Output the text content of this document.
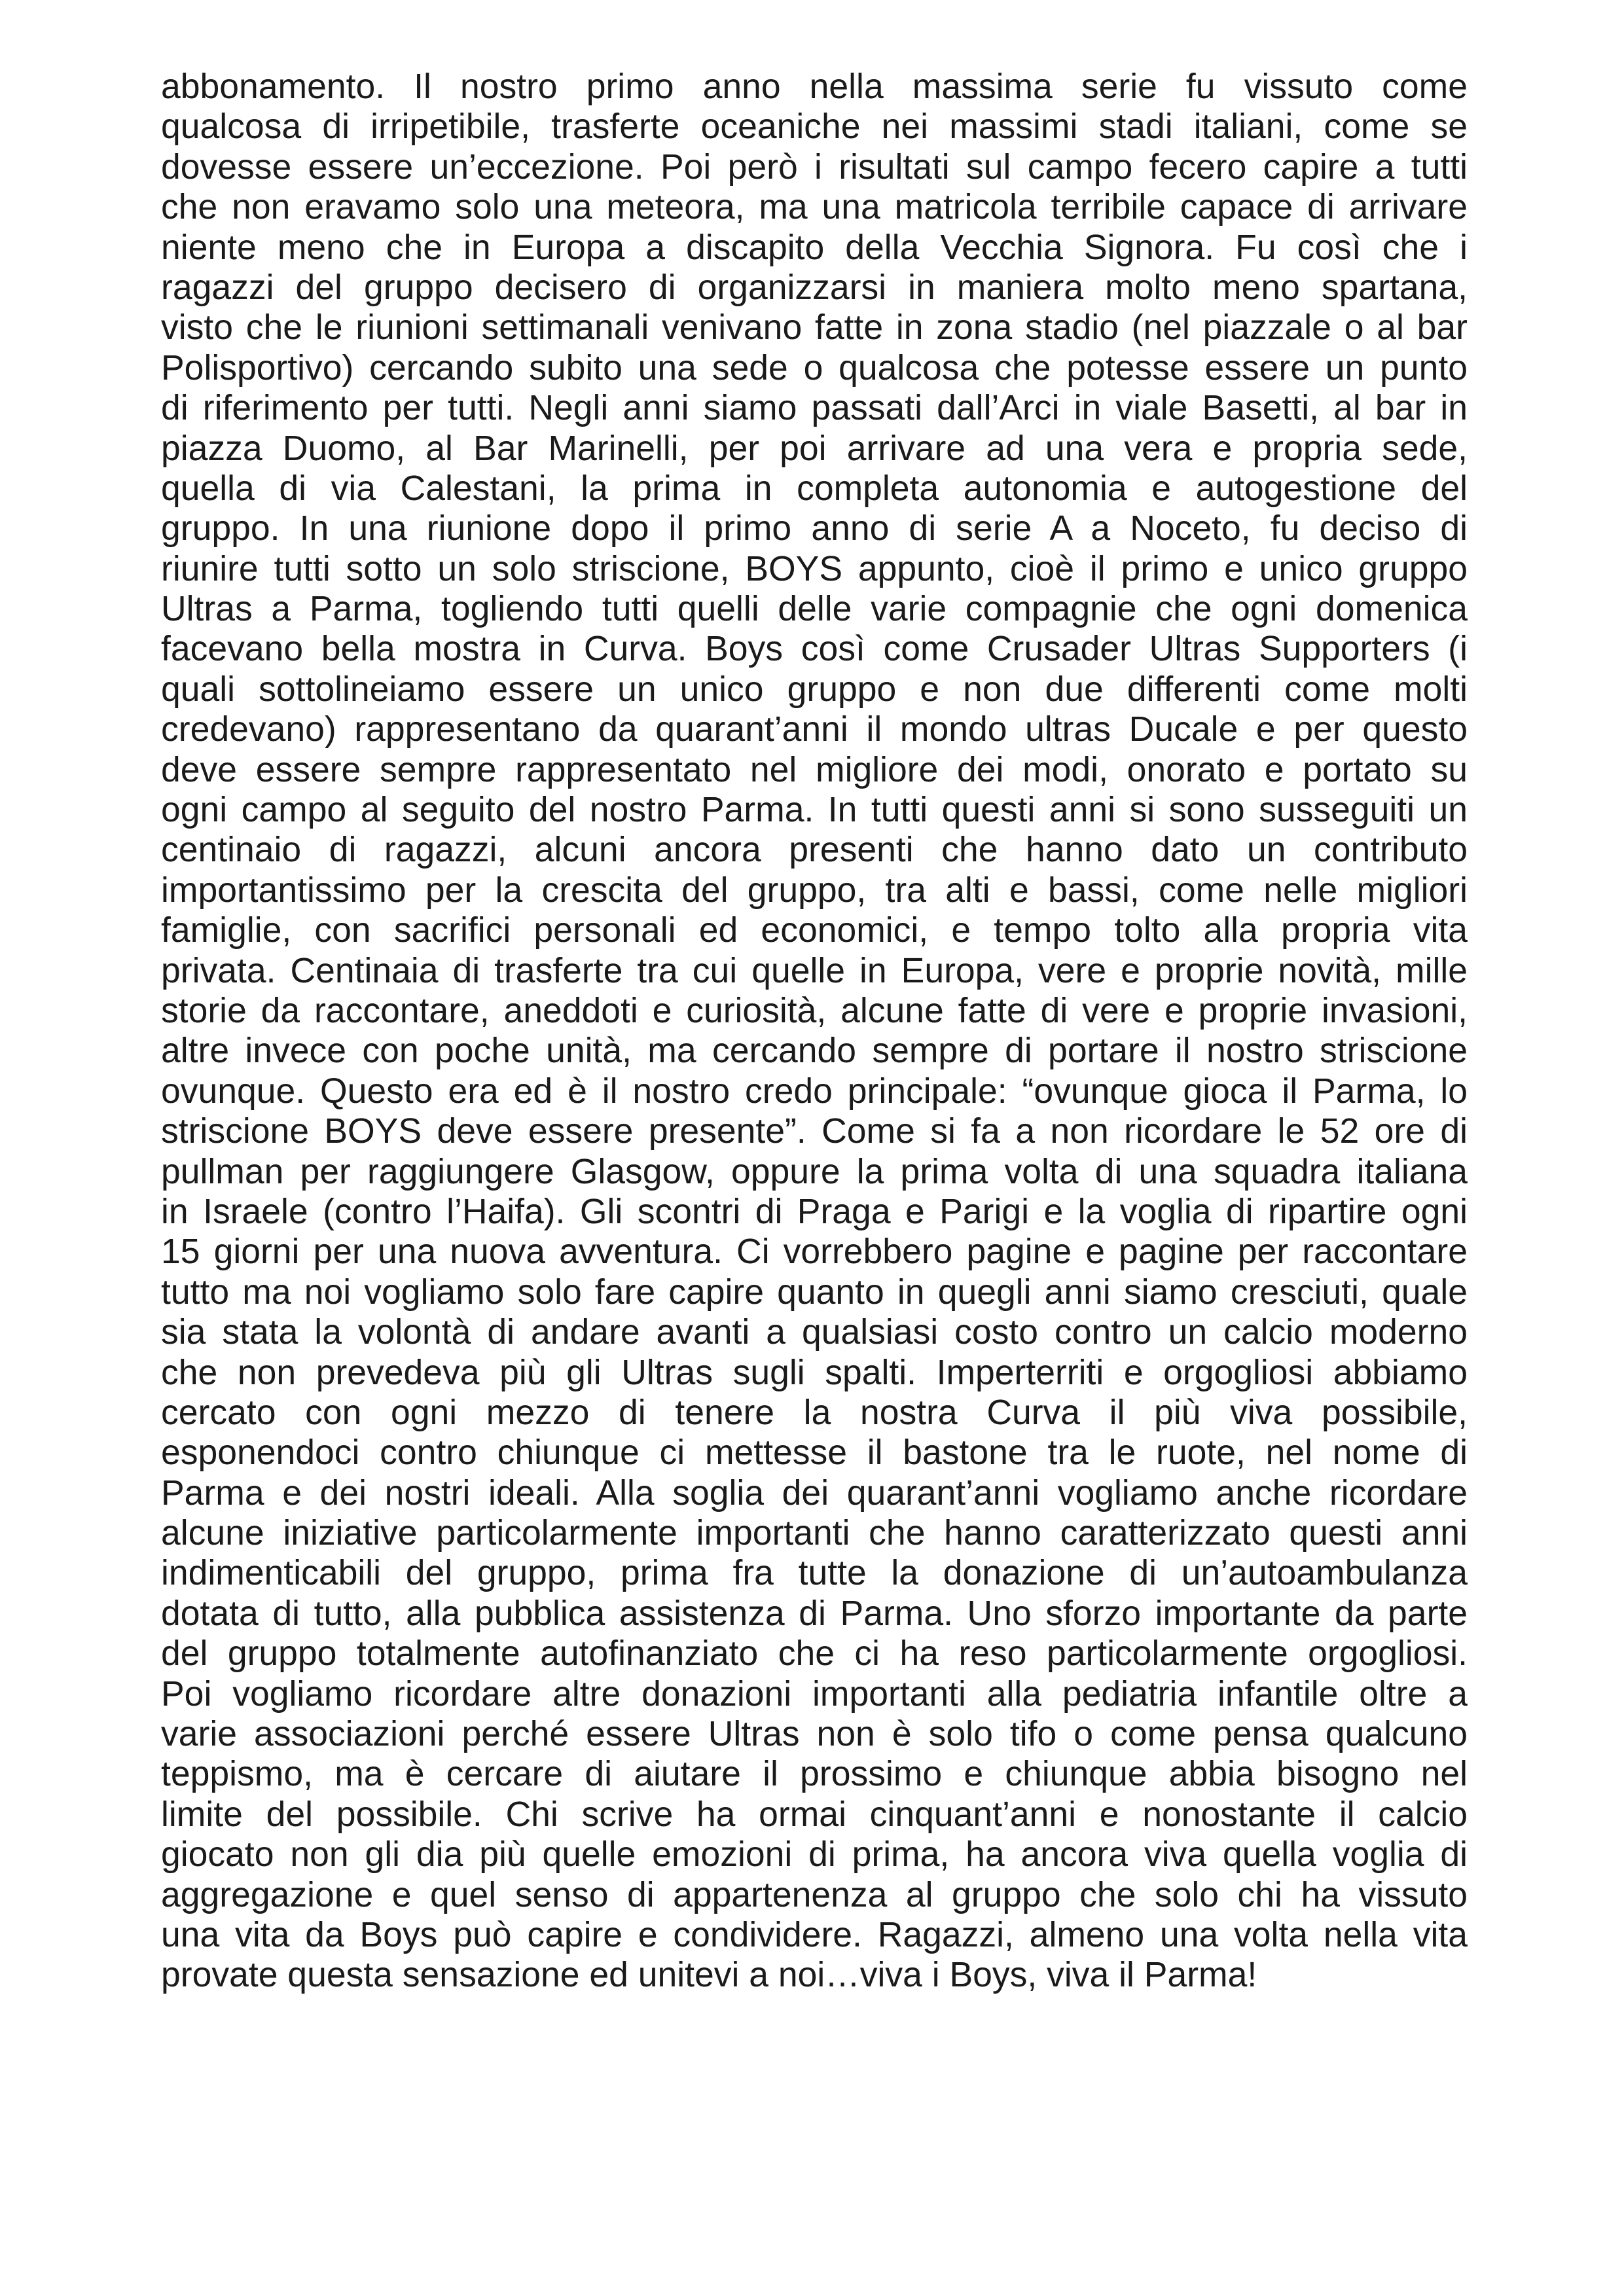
abbonamento. Il nostro primo anno nella massima serie fu vissuto come
qualcosa di irripetibile, trasferte oceaniche nei massimi stadi italiani, come se
dovesse essere un’eccezione. Poi però i risultati sul campo fecero capire a tutti
che non eravamo solo una meteora, ma una matricola terribile capace di arrivare
niente meno che in Europa a discapito della Vecchia Signora. Fu così che i
ragazzi del gruppo decisero di organizzarsi in maniera molto meno spartana,
visto che le riunioni settimanali venivano fatte in zona stadio (nel piazzale o al bar
Polisportivo) cercando subito una sede o qualcosa che potesse essere un punto
di riferimento per tutti. Negli anni siamo passati dall’Arci in viale Basetti, al bar in
piazza Duomo, al Bar Marinelli, per poi arrivare ad una vera e propria sede,
quella di via Calestani, la prima in completa autonomia e autogestione del
gruppo. In una riunione dopo il primo anno di serie A a Noceto, fu deciso di
riunire tutti sotto un solo striscione, BOYS appunto, cioè il primo e unico gruppo
Ultras a Parma, togliendo tutti quelli delle varie compagnie che ogni domenica
facevano bella mostra in Curva. Boys così come Crusader Ultras Supporters (i
quali sottolineiamo essere un unico gruppo e non due differenti come molti
credevano) rappresentano da quarant’anni il mondo ultras Ducale e per questo
deve essere sempre rappresentato nel migliore dei modi, onorato e portato su
ogni campo al seguito del nostro Parma. In tutti questi anni si sono susseguiti un
centinaio di ragazzi, alcuni ancora presenti che hanno dato un contributo
importantissimo per la crescita del gruppo, tra alti e bassi, come nelle migliori
famiglie, con sacrifici personali ed economici, e tempo tolto alla propria vita
privata. Centinaia di trasferte tra cui quelle in Europa, vere e proprie novità, mille
storie da raccontare, aneddoti e curiosità, alcune fatte di vere e proprie invasioni,
altre invece con poche unità, ma cercando sempre di portare il nostro striscione
ovunque. Questo era ed è il nostro credo principale: “ovunque gioca il Parma, lo
striscione BOYS deve essere presente”. Come si fa a non ricordare le 52 ore di
pullman per raggiungere Glasgow, oppure la prima volta di una squadra italiana
in Israele (contro l’Haifa). Gli scontri di Praga e Parigi e la voglia di ripartire ogni
15 giorni per una nuova avventura. Ci vorrebbero pagine e pagine per raccontare
tutto ma noi vogliamo solo fare capire quanto in quegli anni siamo cresciuti, quale
sia stata la volontà di andare avanti a qualsiasi costo contro un calcio moderno
che non prevedeva più gli Ultras sugli spalti. Imperterriti e orgogliosi abbiamo
cercato con ogni mezzo di tenere la nostra Curva il più viva possibile,
esponendoci contro chiunque ci mettesse il bastone tra le ruote, nel nome di
Parma e dei nostri ideali. Alla soglia dei quarant’anni vogliamo anche ricordare
alcune iniziative particolarmente importanti che hanno caratterizzato questi anni
indimenticabili del gruppo, prima fra tutte la donazione di un’autoambulanza
dotata di tutto, alla pubblica assistenza di Parma. Uno sforzo importante da parte
del gruppo totalmente autofinanziato che ci ha reso particolarmente orgogliosi.
Poi vogliamo ricordare altre donazioni importanti alla pediatria infantile oltre a
varie associazioni perché essere Ultras non è solo tifo o come pensa qualcuno
teppismo, ma è cercare di aiutare il prossimo e chiunque abbia bisogno nel
limite del possibile. Chi scrive ha ormai cinquant’anni e nonostante il calcio
giocato non gli dia più quelle emozioni di prima, ha ancora viva quella voglia di
aggregazione e quel senso di appartenenza al gruppo che solo chi ha vissuto
una vita da Boys può capire e condividere. Ragazzi, almeno una volta nella vita
provate questa sensazione ed unitevi a noi…viva i Boys, viva il Parma!
